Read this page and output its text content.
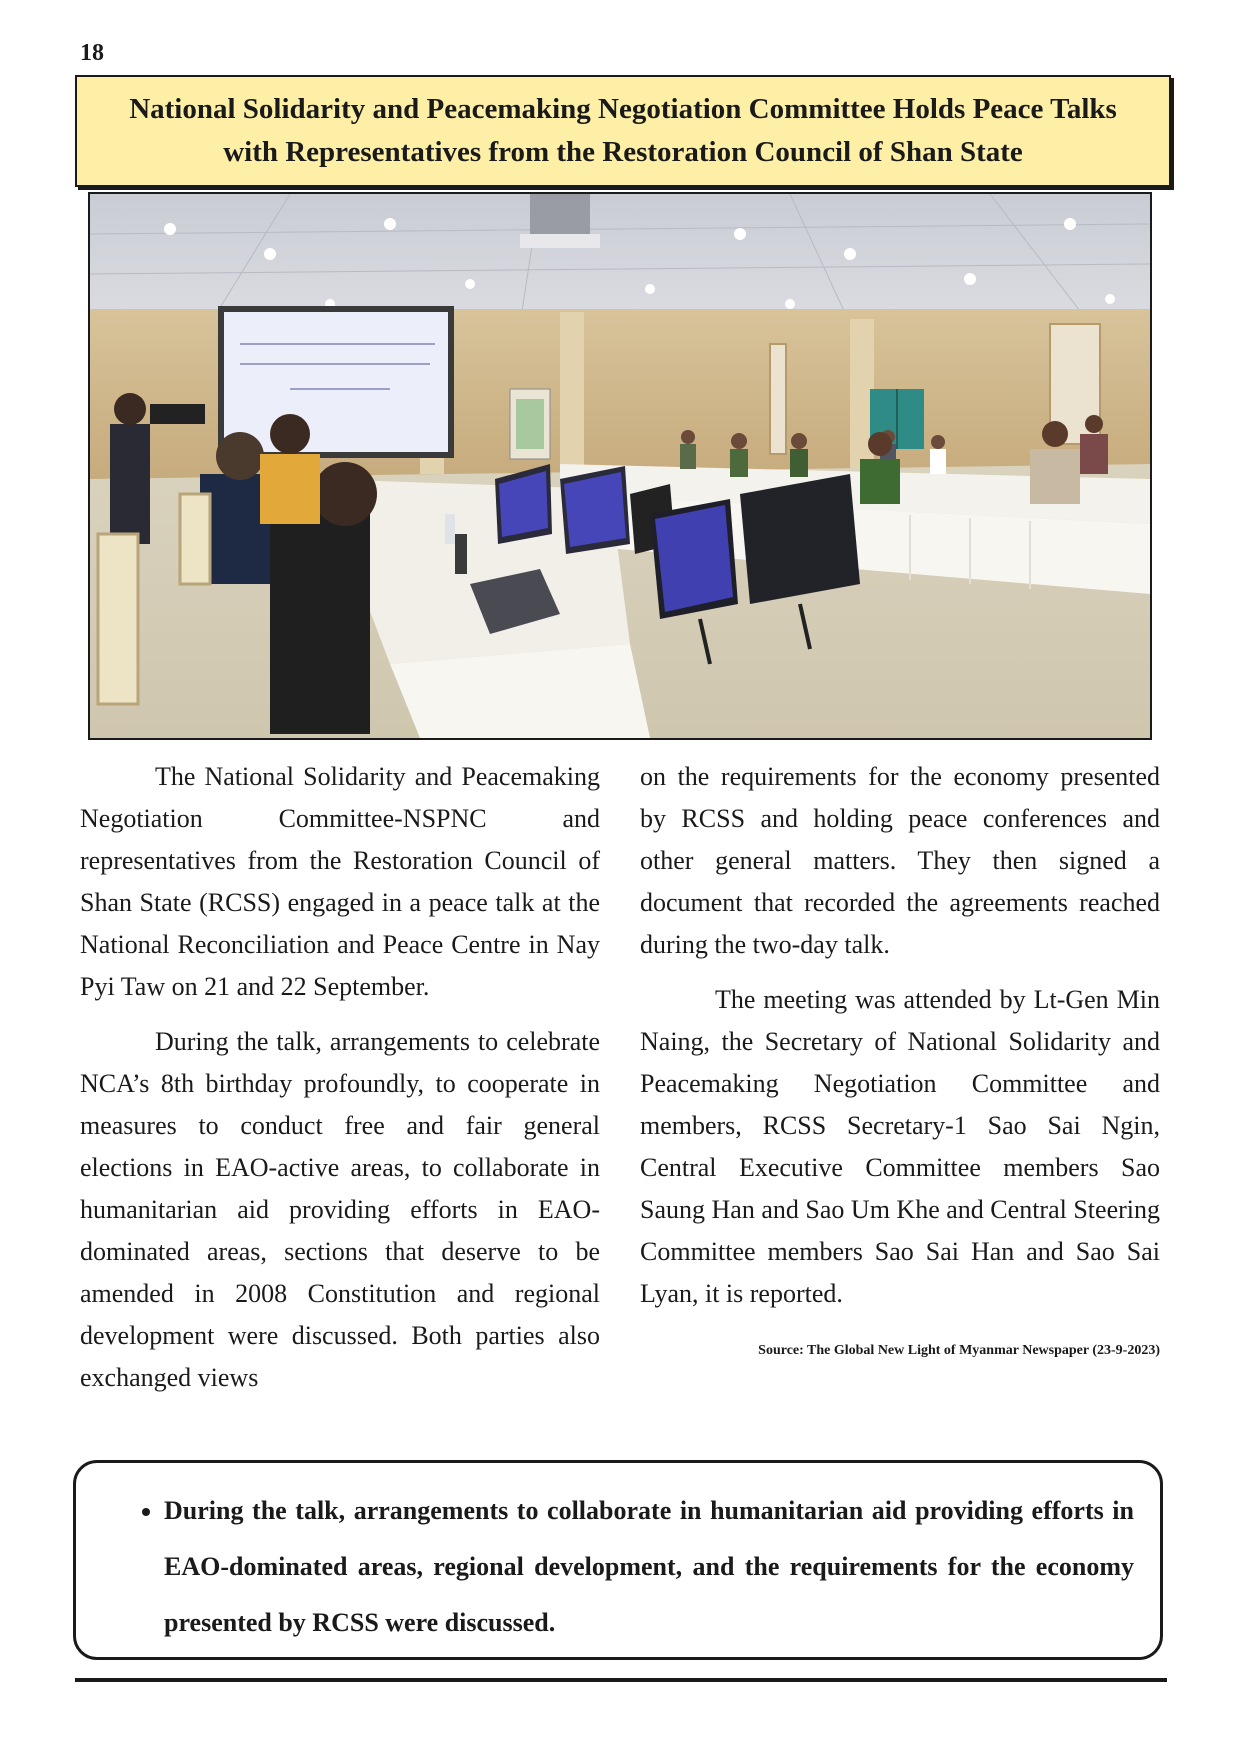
18
National Solidarity and Peacemaking Negotiation Committee Holds Peace Talks
with Representatives from the Restoration Council of Shan State

The National Solidarity and Peacemaking Negotiation Committee-NSPNC and representatives from the Restoration Council of Shan State (RCSS) engaged in a peace talk at the National Reconciliation and Peace Centre in Nay Pyi Taw on 21 and 22 September.

During the talk, arrangements to celebrate NCA’s 8th birthday profoundly, to cooperate in measures to conduct free and fair general elections in EAO-active areas, to collaborate in humanitarian aid providing efforts in EAO-dominated areas, sections that deserve to be amended in 2008 Constitution and regional development were discussed. Both parties also exchanged views

on the requirements for the economy presented by RCSS and holding peace conferences and other general matters. They then signed a document that recorded the agreements reached during the two-day talk.

The meeting was attended by Lt-Gen Min Naing, the Secretary of National Solidarity and Peacemaking Negotiation Committee and members, RCSS Secretary-1 Sao Sai Ngin, Central Executive Committee members Sao Saung Han and Sao Um Khe and Central Steering Committee members Sao Sai Han and Sao Sai Lyan, it is reported.

Source: The Global New Light of Myanmar Newspaper (23-9-2023)
• During the talk, arrangements to collaborate in humanitarian aid providing efforts in EAO-dominated areas, regional development, and the requirements for the economy presented by RCSS were discussed.
